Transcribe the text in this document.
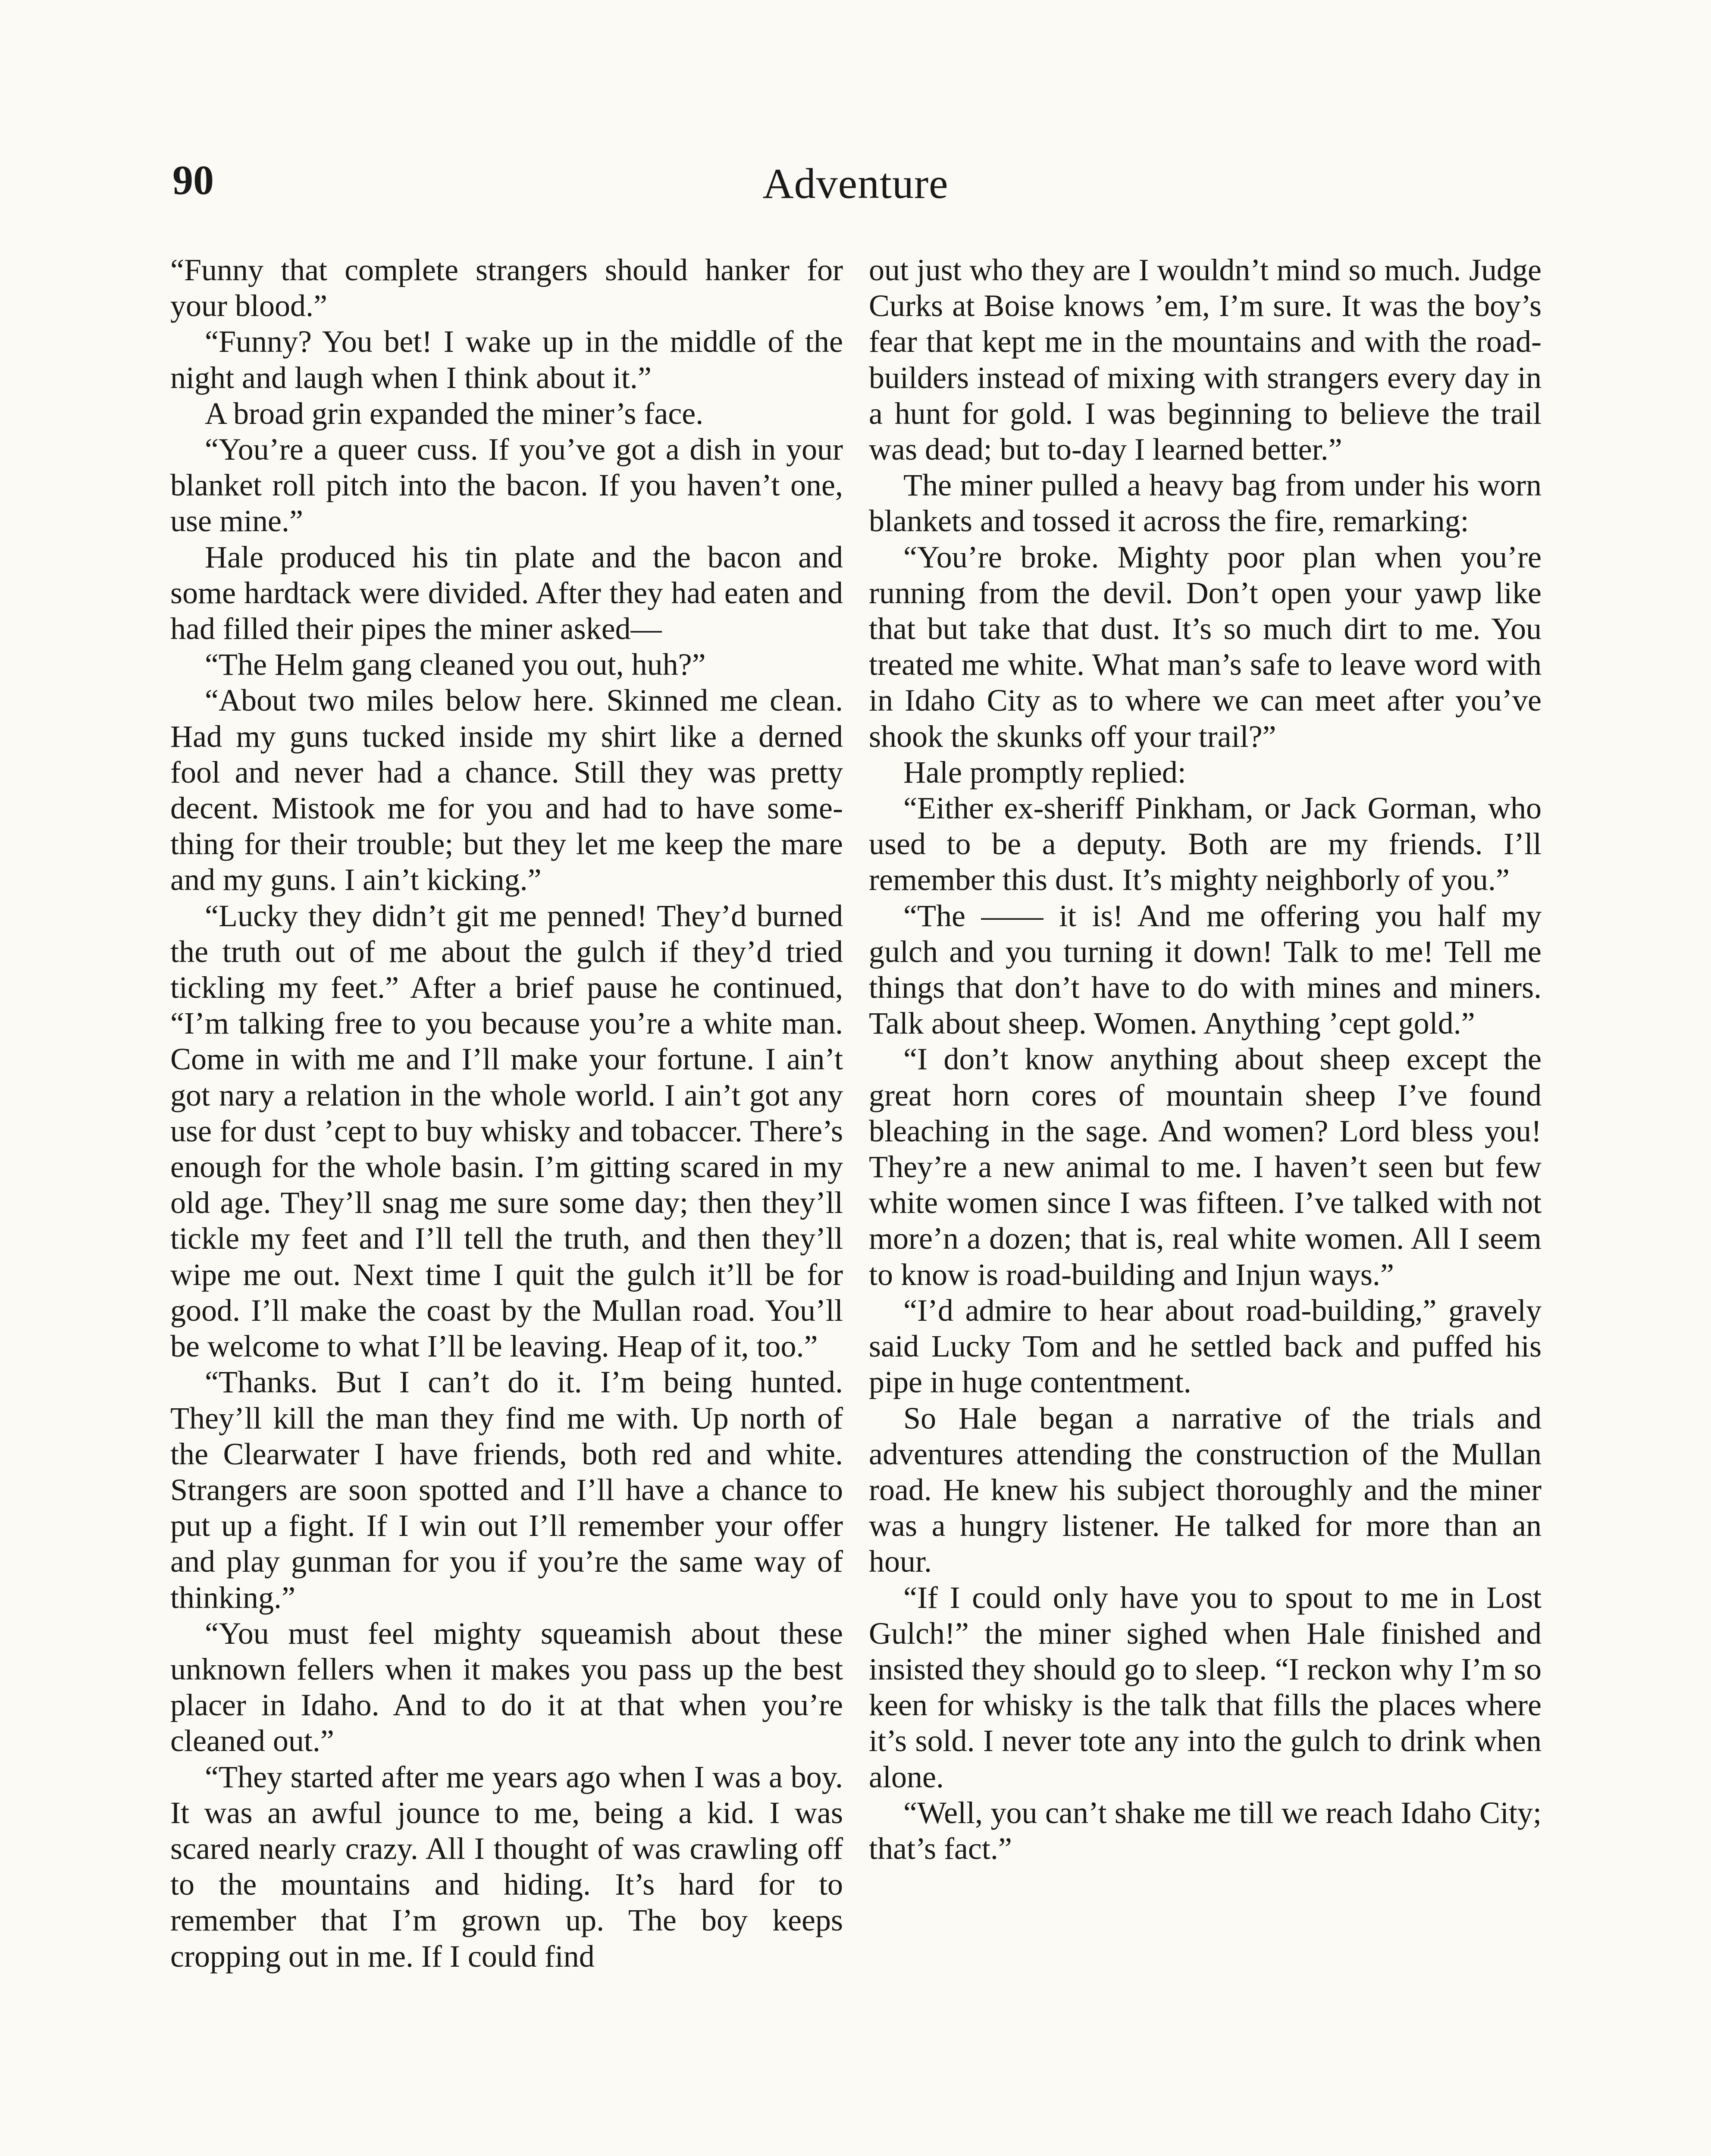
90	Adventure

“Funny that complete strangers should hanker for your blood.”

“Funny? You bet! I wake up in the middle of the night and laugh when I think about it.”

A broad grin expanded the miner’s face.

“You’re a queer cuss. If you’ve got a dish in your blanket roll pitch into the bacon. If you haven’t one, use mine.”

Hale produced his tin plate and the bacon and some hardtack were divided. After they had eaten and had filled their pipes the miner asked—

“The Helm gang cleaned you out, huh?”

“About two miles below here. Skinned me clean. Had my guns tucked inside my shirt like a derned fool and never had a chance. Still they was pretty decent. Mistook me for you and had to have something for their trouble; but they let me keep the mare and my guns. I ain’t kicking.”

“Lucky they didn’t git me penned! They’d burned the truth out of me about the gulch if they’d tried tickling my feet.” After a brief pause he continued, “I’m talking free to you because you’re a white man. Come in with me and I’ll make your fortune. I ain’t got nary a relation in the whole world. I ain’t got any use for dust ’cept to buy whisky and tobaccer. There’s enough for the whole basin. I’m gitting scared in my old age. They’ll snag me sure some day; then they’ll tickle my feet and I’ll tell the truth, and then they’ll wipe me out. Next time I quit the gulch it’ll be for good. I’ll make the coast by the Mullan road. You’ll be welcome to what I’ll be leaving. Heap of it, too.”

“Thanks. But I can’t do it. I’m being hunted. They’ll kill the man they find me with. Up north of the Clearwater I have friends, both red and white. Strangers are soon spotted and I’ll have a chance to put up a fight. If I win out I’ll remember your offer and play gunman for you if you’re the same way of thinking.”

“You must feel mighty squeamish about these unknown fellers when it makes you pass up the best placer in Idaho. And to do it at that when you’re cleaned out.”

“They started after me years ago when I was a boy. It was an awful jounce to me, being a kid. I was scared nearly crazy. All I thought of was crawling off to the mountains and hiding. It’s hard for to remember that I’m grown up. The boy keeps cropping out in me. If I could find

out just who they are I wouldn’t mind so much. Judge Curks at Boise knows ’em, I’m sure. It was the boy’s fear that kept me in the mountains and with the roadbuilders instead of mixing with strangers every day in a hunt for gold. I was beginning to believe the trail was dead; but to-day I learned better.”

The miner pulled a heavy bag from under his worn blankets and tossed it across the fire, remarking:

“You’re broke. Mighty poor plan when you’re running from the devil. Don’t open your yawp like that but take that dust. It’s so much dirt to me. You treated me white. What man’s safe to leave word with in Idaho City as to where we can meet after you’ve shook the skunks off your trail?”

Hale promptly replied:

“Either ex-sheriff Pinkham, or Jack Gorman, who used to be a deputy. Both are my friends. I’ll remember this dust. It’s mighty neighborly of you.”

“The —— it is! And me offering you half my gulch and you turning it down! Talk to me! Tell me things that don’t have to do with mines and miners. Talk about sheep. Women. Anything ’cept gold.”

“I don’t know anything about sheep except the great horn cores of mountain sheep I’ve found bleaching in the sage. And women? Lord bless you! They’re a new animal to me. I haven’t seen but few white women since I was fifteen. I’ve talked with not more’n a dozen; that is, real white women. All I seem to know is road-building and Injun ways.”

“I’d admire to hear about road-building,” gravely said Lucky Tom and he settled back and puffed his pipe in huge contentment.

So Hale began a narrative of the trials and adventures attending the construction of the Mullan road. He knew his subject thoroughly and the miner was a hungry listener. He talked for more than an hour.

“If I could only have you to spout to me in Lost Gulch!” the miner sighed when Hale finished and insisted they should go to sleep. “I reckon why I’m so keen for whisky is the talk that fills the places where it’s sold. I never tote any into the gulch to drink when alone.

“Well, you can’t shake me till we reach Idaho City; that’s fact.”
